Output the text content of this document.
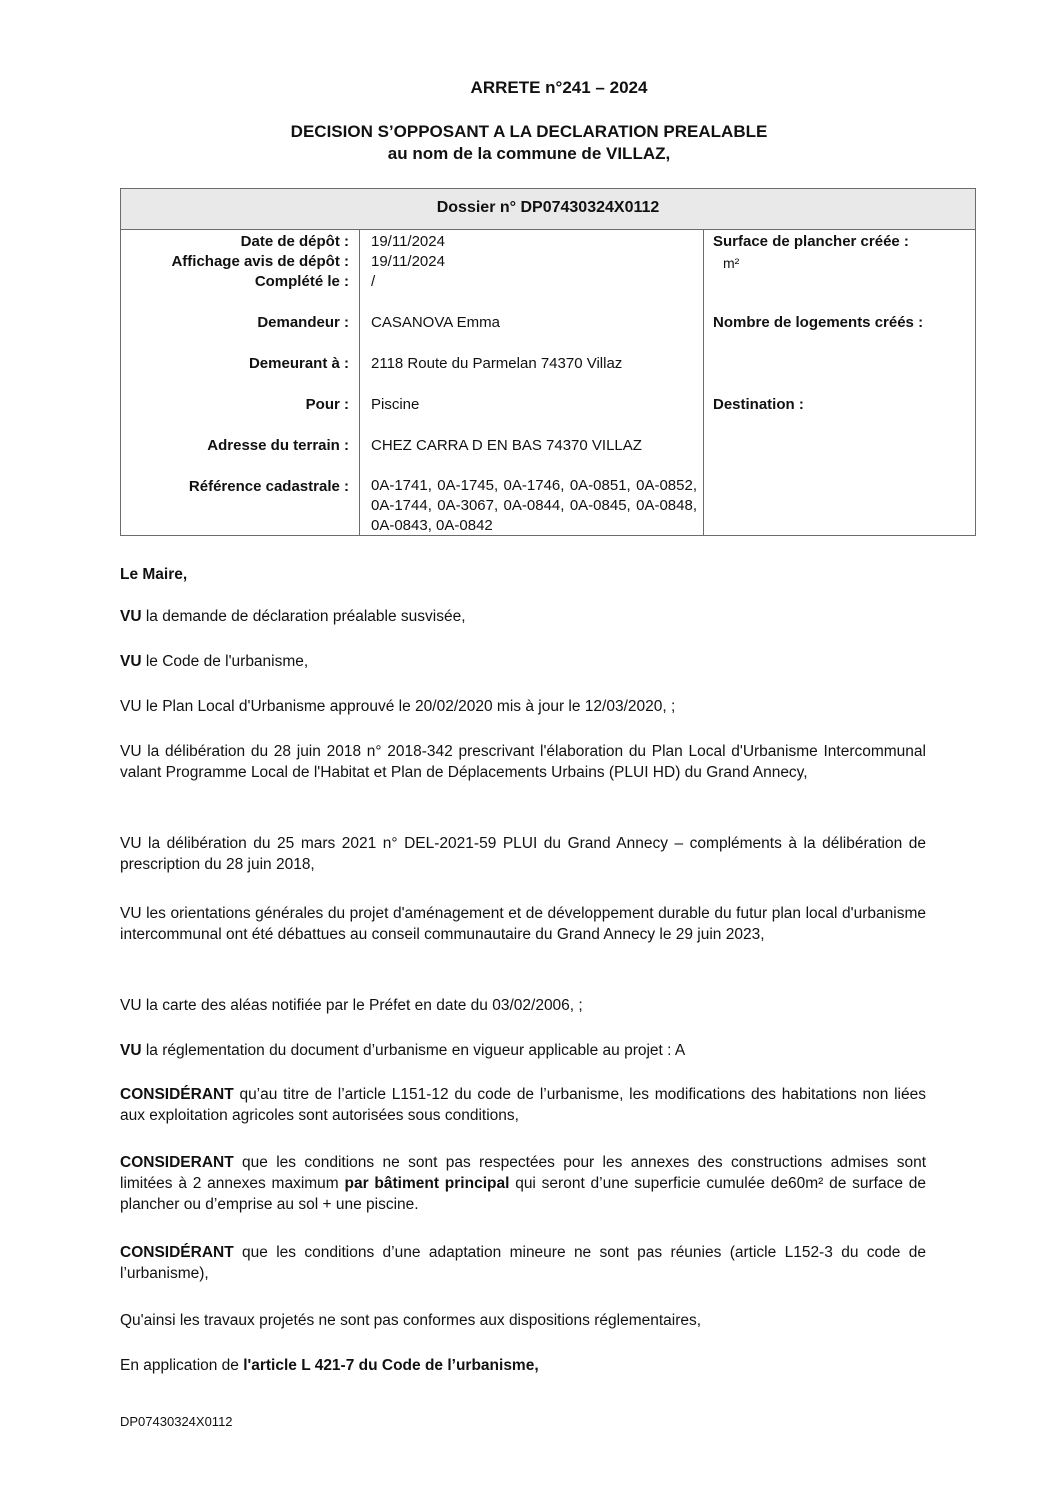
ARRETE n°241 – 2024
DECISION S’OPPOSANT A LA DECLARATION PREALABLE
au nom de la commune de VILLAZ,
Dossier n° DP07430324X0112
Date de dépôt : 19/11/2024
Affichage avis de dépôt : 19/11/2024
Complété le : /
Demandeur : CASANOVA Emma
Demeurant à : 2118 Route du Parmelan 74370 Villaz
Pour : Piscine
Adresse du terrain : CHEZ CARRA D EN BAS 74370 VILLAZ
Référence cadastrale : 0A-1741, 0A-1745, 0A-1746, 0A-0851, 0A-0852, 0A-1744, 0A-3067, 0A-0844, 0A-0845, 0A-0848, 0A-0843, 0A-0842
Surface de plancher créée :
m²
Nombre de logements créés :
Destination :
Le Maire,
VU la demande de déclaration préalable susvisée,
VU le Code de l'urbanisme,
VU le Plan Local d'Urbanisme approuvé le 20/02/2020 mis à jour le 12/03/2020, ;
VU la délibération du 28 juin 2018 n° 2018-342 prescrivant l'élaboration du Plan Local d'Urbanisme Intercommunal valant Programme Local de l'Habitat et Plan de Déplacements Urbains (PLUI HD) du Grand Annecy,
VU la délibération du 25 mars 2021 n° DEL-2021-59 PLUI du Grand Annecy – compléments à la délibération de prescription du 28 juin 2018,
VU les orientations générales du projet d'aménagement et de développement durable du futur plan local d'urbanisme intercommunal ont été débattues au conseil communautaire du Grand Annecy le 29 juin 2023,
VU la carte des aléas notifiée par le Préfet en date du 03/02/2006, ;
VU la réglementation du document d’urbanisme en vigueur applicable au projet : A
CONSIDÉRANT qu’au titre de l’article L151-12 du code de l’urbanisme, les modifications des habitations non liées aux exploitation agricoles sont autorisées sous conditions,
CONSIDERANT que les conditions ne sont pas respectées pour les annexes des constructions admises sont limitées à 2 annexes maximum par bâtiment principal qui seront d’une superficie cumulée de60m² de surface de plancher ou d’emprise au sol + une piscine.
CONSIDÉRANT que les conditions d’une adaptation mineure ne sont pas réunies (article L152-3 du code de l’urbanisme),
Qu'ainsi les travaux projetés ne sont pas conformes aux dispositions réglementaires,
En application de l'article L 421-7 du Code de l’urbanisme,
DP07430324X0112
